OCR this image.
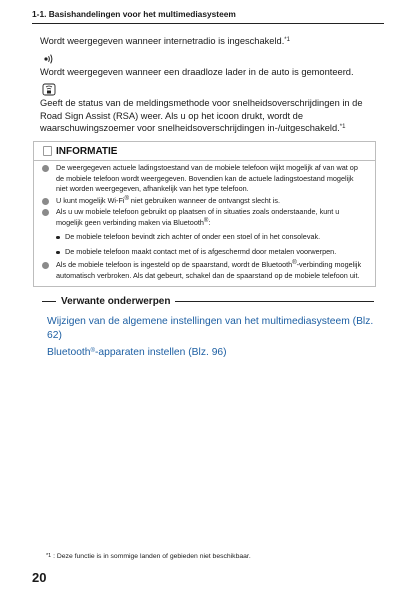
1-1. Basishandelingen voor het multimediasysteem
Wordt weergegeven wanneer internetradio is ingeschakeld.$^{*1}$
Wordt weergegeven wanneer een draadloze lader in de auto is gemonteerd.
Geeft de status van de meldingsmethode voor snelheidsoverschrijdingen in de Road Sign Assist (RSA) weer. Als u op het icoon drukt, wordt de waarschuwingszoemer voor snelheidsoverschrijdingen in-/uitgeschakeld.$^{*1}$
INFORMATIE
De weergegeven actuele ladingstoestand van de mobiele telefoon wijkt mogelijk af van wat op de mobiele telefoon wordt weergegeven. Bovendien kan de actuele ladingstoestand mogelijk niet worden weergegeven, afhankelijk van het type telefoon.
U kunt mogelijk Wi-Fi® niet gebruiken wanneer de ontvangst slecht is.
Als u uw mobiele telefoon gebruikt op plaatsen of in situaties zoals onderstaande, kunt u mogelijk geen verbinding maken via Bluetooth®:
De mobiele telefoon bevindt zich achter of onder een stoel of in het consolevak.
De mobiele telefoon maakt contact met of is afgeschermd door metalen voorwerpen.
Als de mobiele telefoon is ingesteld op de spaarstand, wordt de Bluetooth®-verbinding mogelijk automatisch verbroken. Als dat gebeurt, schakel dan de spaarstand op de mobiele telefoon uit.
Verwante onderwerpen
Wijzigen van de algemene instellingen van het multimediasysteem (Blz. 62)
Bluetooth®-apparaten instellen (Blz. 96)
*1 : Deze functie is in sommige landen of gebieden niet beschikbaar.
20
